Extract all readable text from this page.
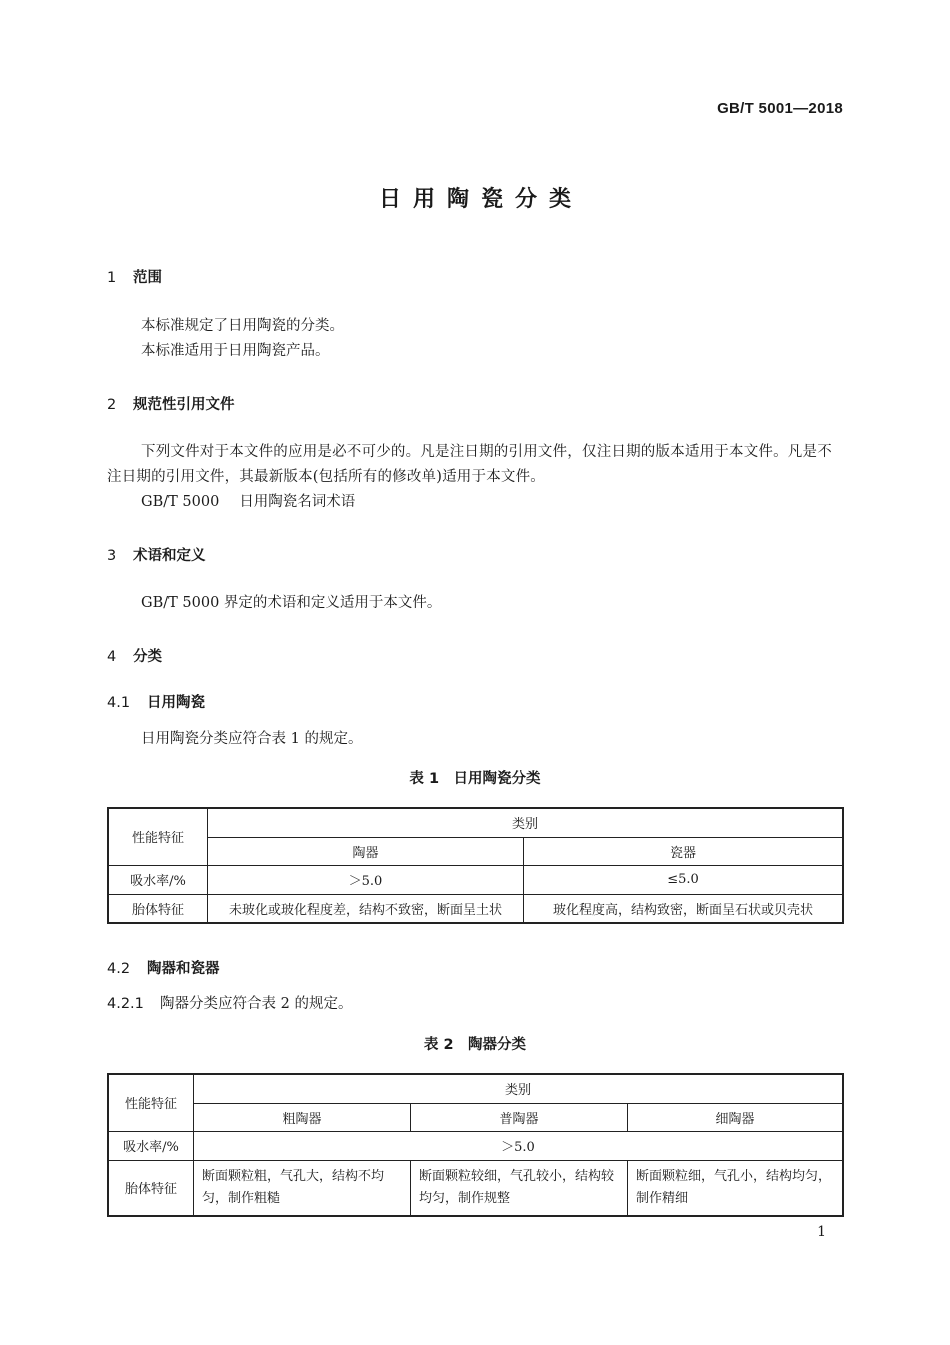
GB/T 5001—2018
日用陶瓷分类
1 范围
本标准规定了日用陶瓷的分类。
本标准适用于日用陶瓷产品。
2 规范性引用文件
下列文件对于本文件的应用是必不可少的。凡是注日期的引用文件，仅注日期的版本适用于本文件。凡是不注日期的引用文件，其最新版本(包括所有的修改单)适用于本文件。
GB/T 5000 日用陶瓷名词术语
3 术语和定义
GB/T 5000 界定的术语和定义适用于本文件。
4 分类
4.1 日用陶瓷
日用陶瓷分类应符合表 1 的规定。
表 1　日用陶瓷分类
性能特征	类别	
	陶器	瓷器
吸水率/%	＞5.0	≤5.0
胎体特征	未玻化或玻化程度差，结构不致密，断面呈土状	玻化程度高，结构致密，断面呈石状或贝壳状
4.2 陶器和瓷器
4.2.1 陶器分类应符合表 2 的规定。
表 2　陶器分类
性能特征	类别		
	粗陶器	普陶器	细陶器
吸水率/%	＞5.0		
胎体特征	断面颗粒粗，气孔大，结构不均匀，制作粗糙	断面颗粒较细，气孔较小，结构较均匀，制作规整	断面颗粒细，气孔小，结构均匀，制作精细
1
